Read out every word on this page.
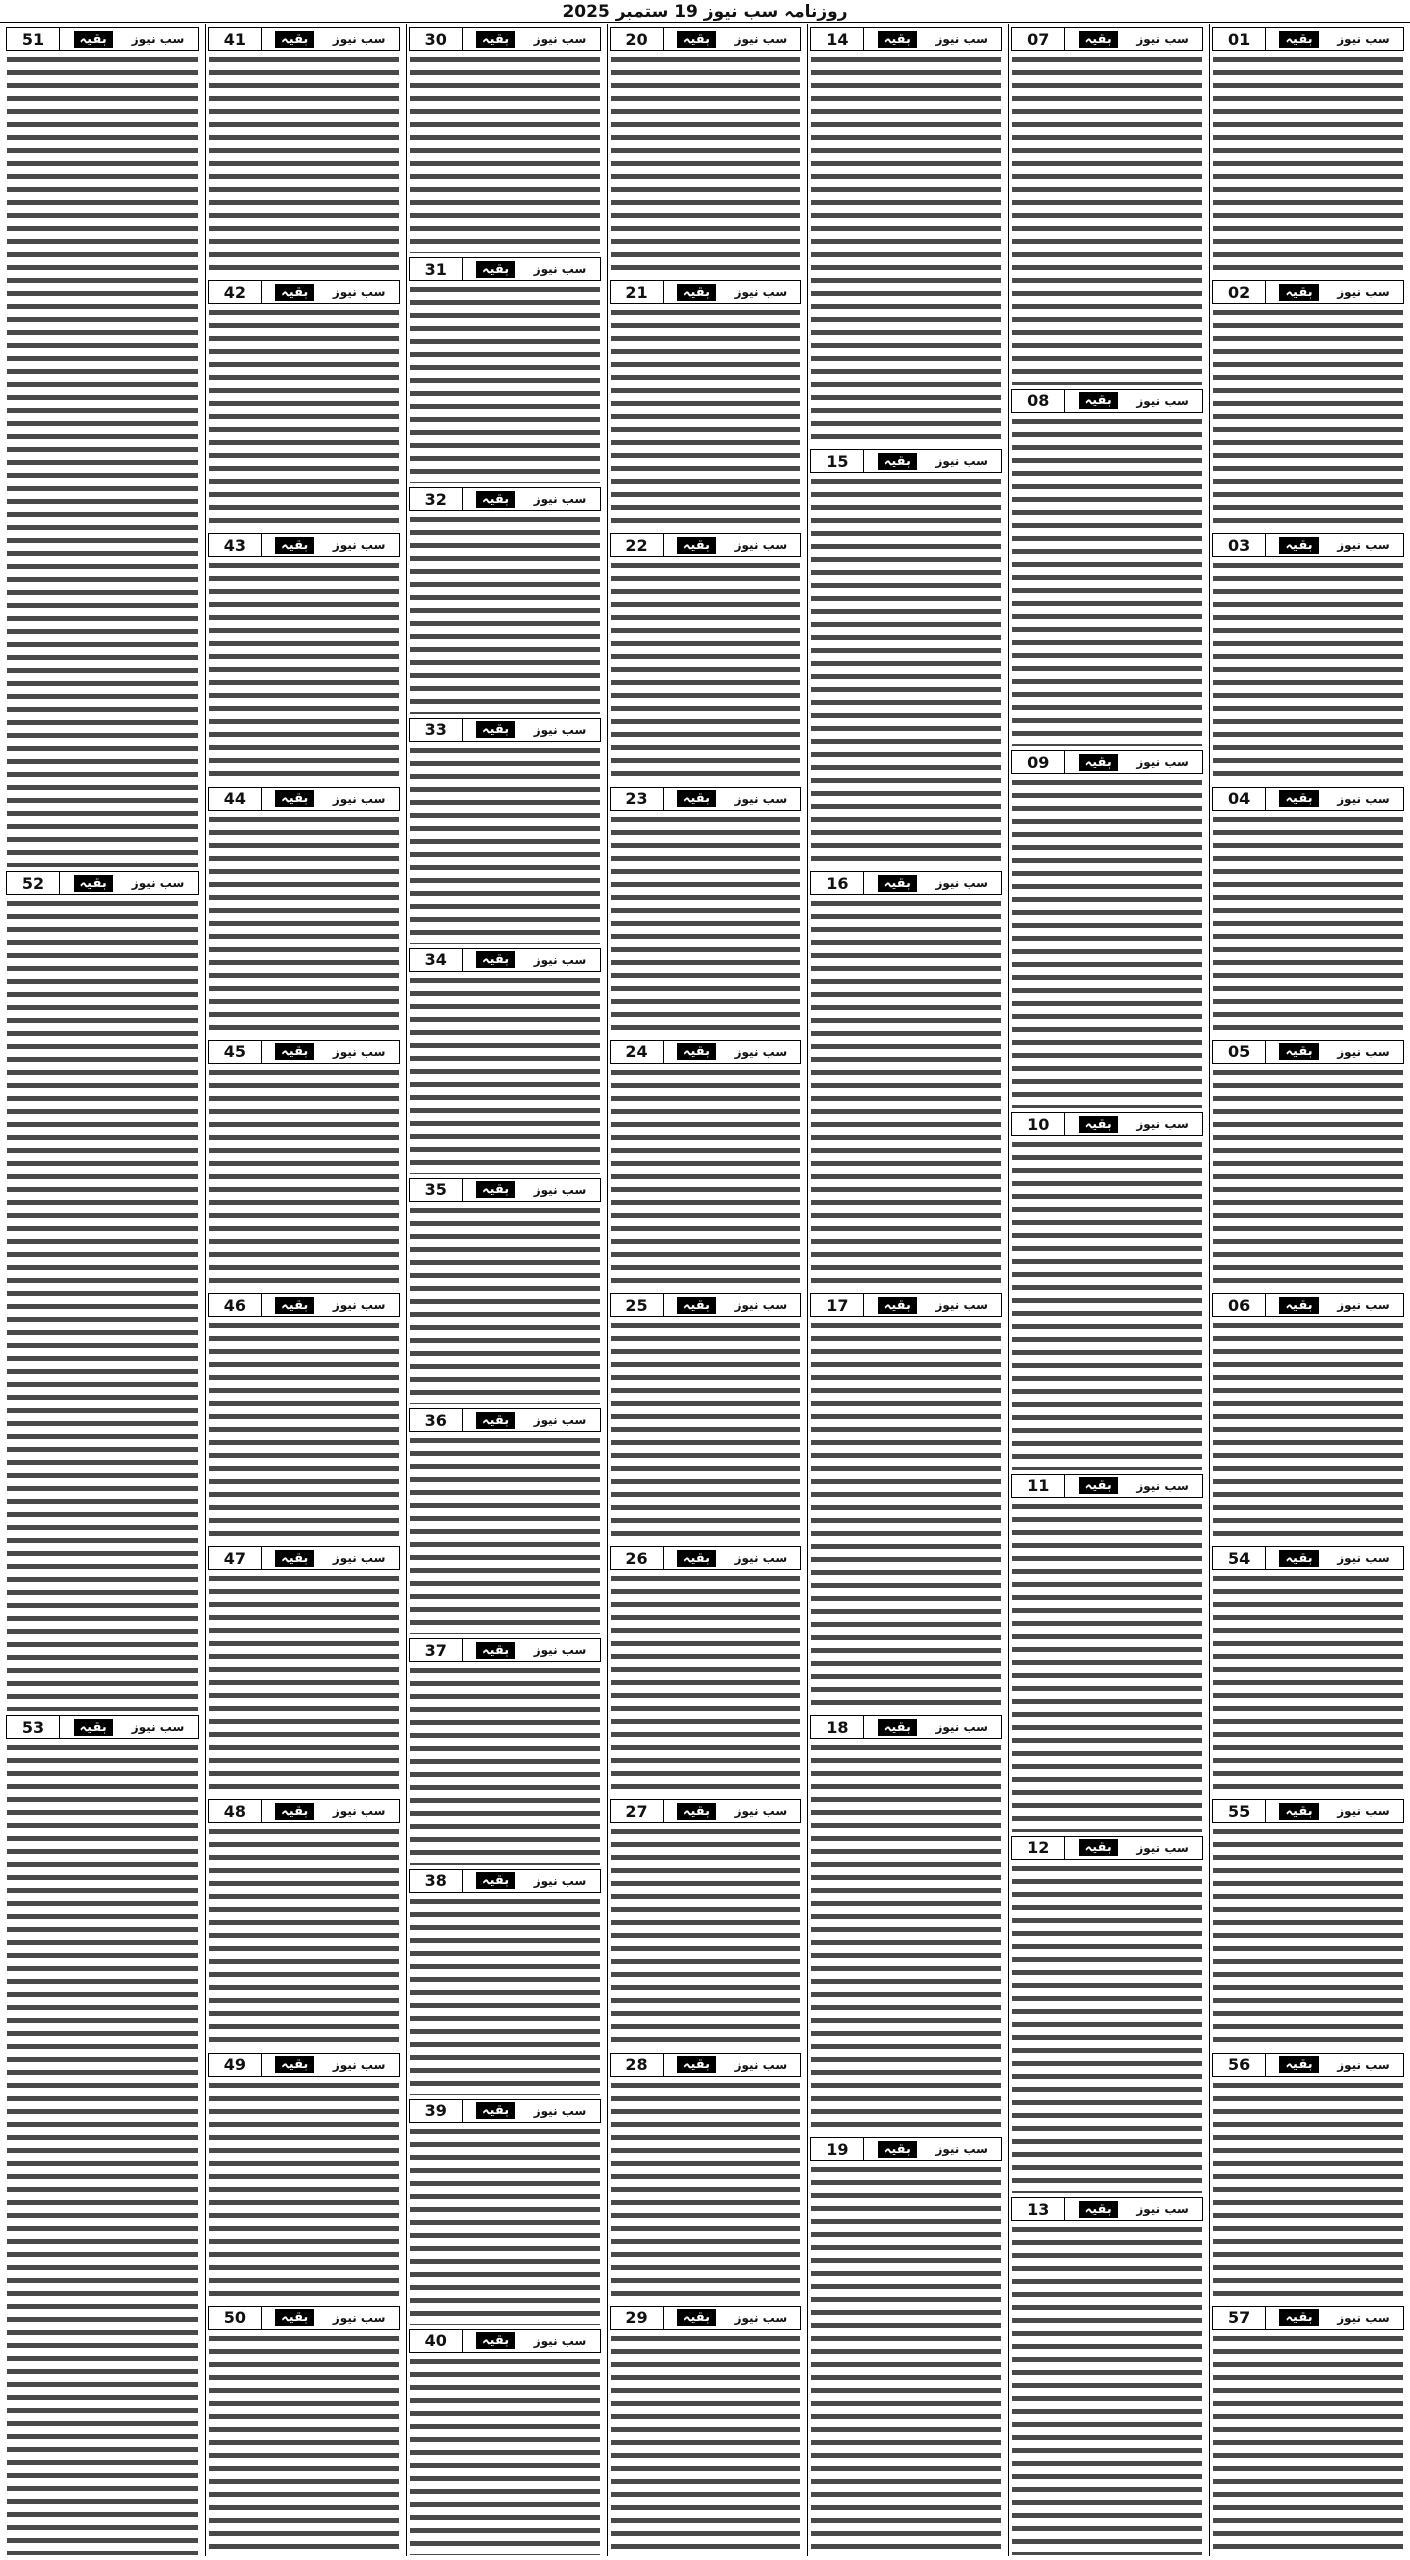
روزنامہ سب نیوز 19 ستمبر 2025
51	سب نیوز
بقیہ
52	سب نیوز
بقیہ
53	سب نیوز
بقیہ
41	سب نیوز
بقیہ
42	سب نیوز
بقیہ
43	سب نیوز
بقیہ
44	سب نیوز
بقیہ
45	سب نیوز
بقیہ
46	سب نیوز
بقیہ
47	سب نیوز
بقیہ
48	سب نیوز
بقیہ
49	سب نیوز
بقیہ
50	سب نیوز
بقیہ
30	سب نیوز
بقیہ
31	سب نیوز
بقیہ
32	سب نیوز
بقیہ
33	سب نیوز
بقیہ
34	سب نیوز
بقیہ
35	سب نیوز
بقیہ
36	سب نیوز
بقیہ
37	سب نیوز
بقیہ
38	سب نیوز
بقیہ
39	سب نیوز
بقیہ
40	سب نیوز
بقیہ
20	سب نیوز
بقیہ
21	سب نیوز
بقیہ
22	سب نیوز
بقیہ
23	سب نیوز
بقیہ
24	سب نیوز
بقیہ
25	سب نیوز
بقیہ
26	سب نیوز
بقیہ
27	سب نیوز
بقیہ
28	سب نیوز
بقیہ
29	سب نیوز
بقیہ
14	سب نیوز
بقیہ
15	سب نیوز
بقیہ
16	سب نیوز
بقیہ
17	سب نیوز
بقیہ
18	سب نیوز
بقیہ
19	سب نیوز
بقیہ
07	سب نیوز
بقیہ
08	سب نیوز
بقیہ
09	سب نیوز
بقیہ
10	سب نیوز
بقیہ
11	سب نیوز
بقیہ
12	سب نیوز
بقیہ
13	سب نیوز
بقیہ
01	سب نیوز
بقیہ
02	سب نیوز
بقیہ
03	سب نیوز
بقیہ
04	سب نیوز
بقیہ
05	سب نیوز
بقیہ
06	سب نیوز
بقیہ
54	سب نیوز
بقیہ
55	سب نیوز
بقیہ
56	سب نیوز
بقیہ
57	سب نیوز
بقیہ
